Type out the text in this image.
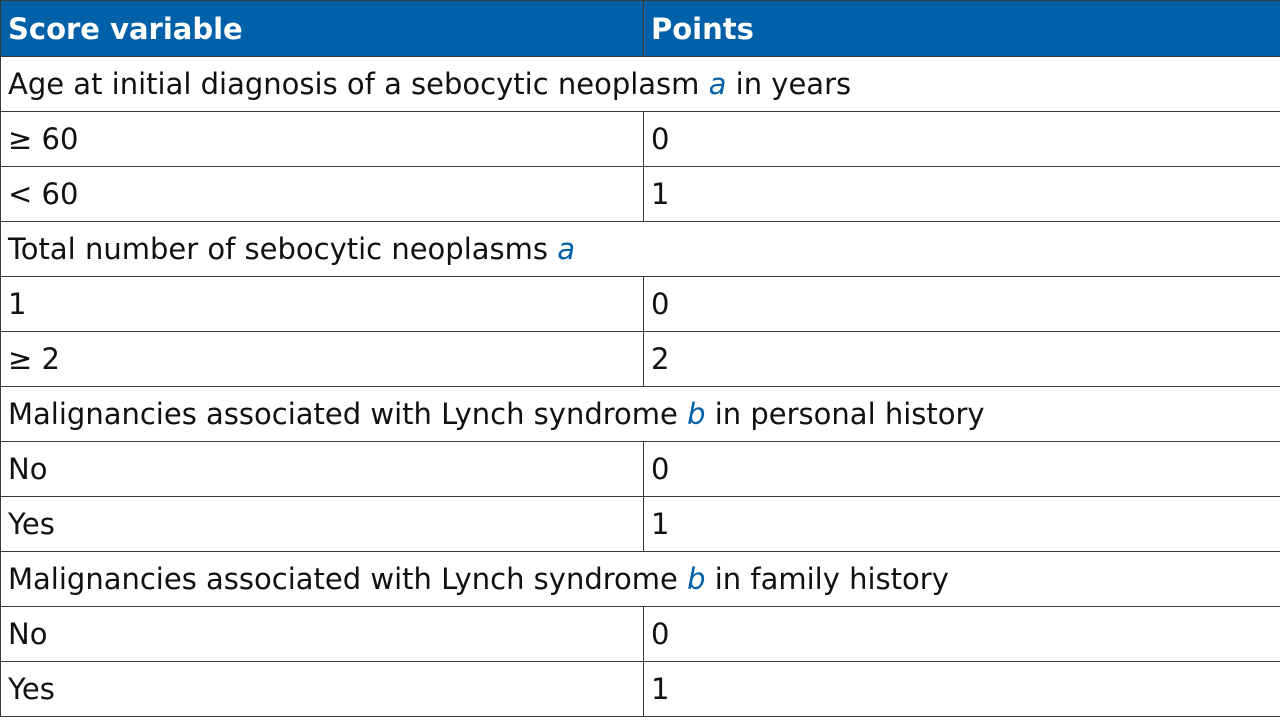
Score variable	Points
Age at initial diagnosis of a sebocytic neoplasm a in years	
≥ 60	0
< 60	1
Total number of sebocytic neoplasms a	
1	0
≥ 2	2
Malignancies associated with Lynch syndrome b in personal history	
No	0
Yes	1
Malignancies associated with Lynch syndrome b in family history	
No	0
Yes	1
